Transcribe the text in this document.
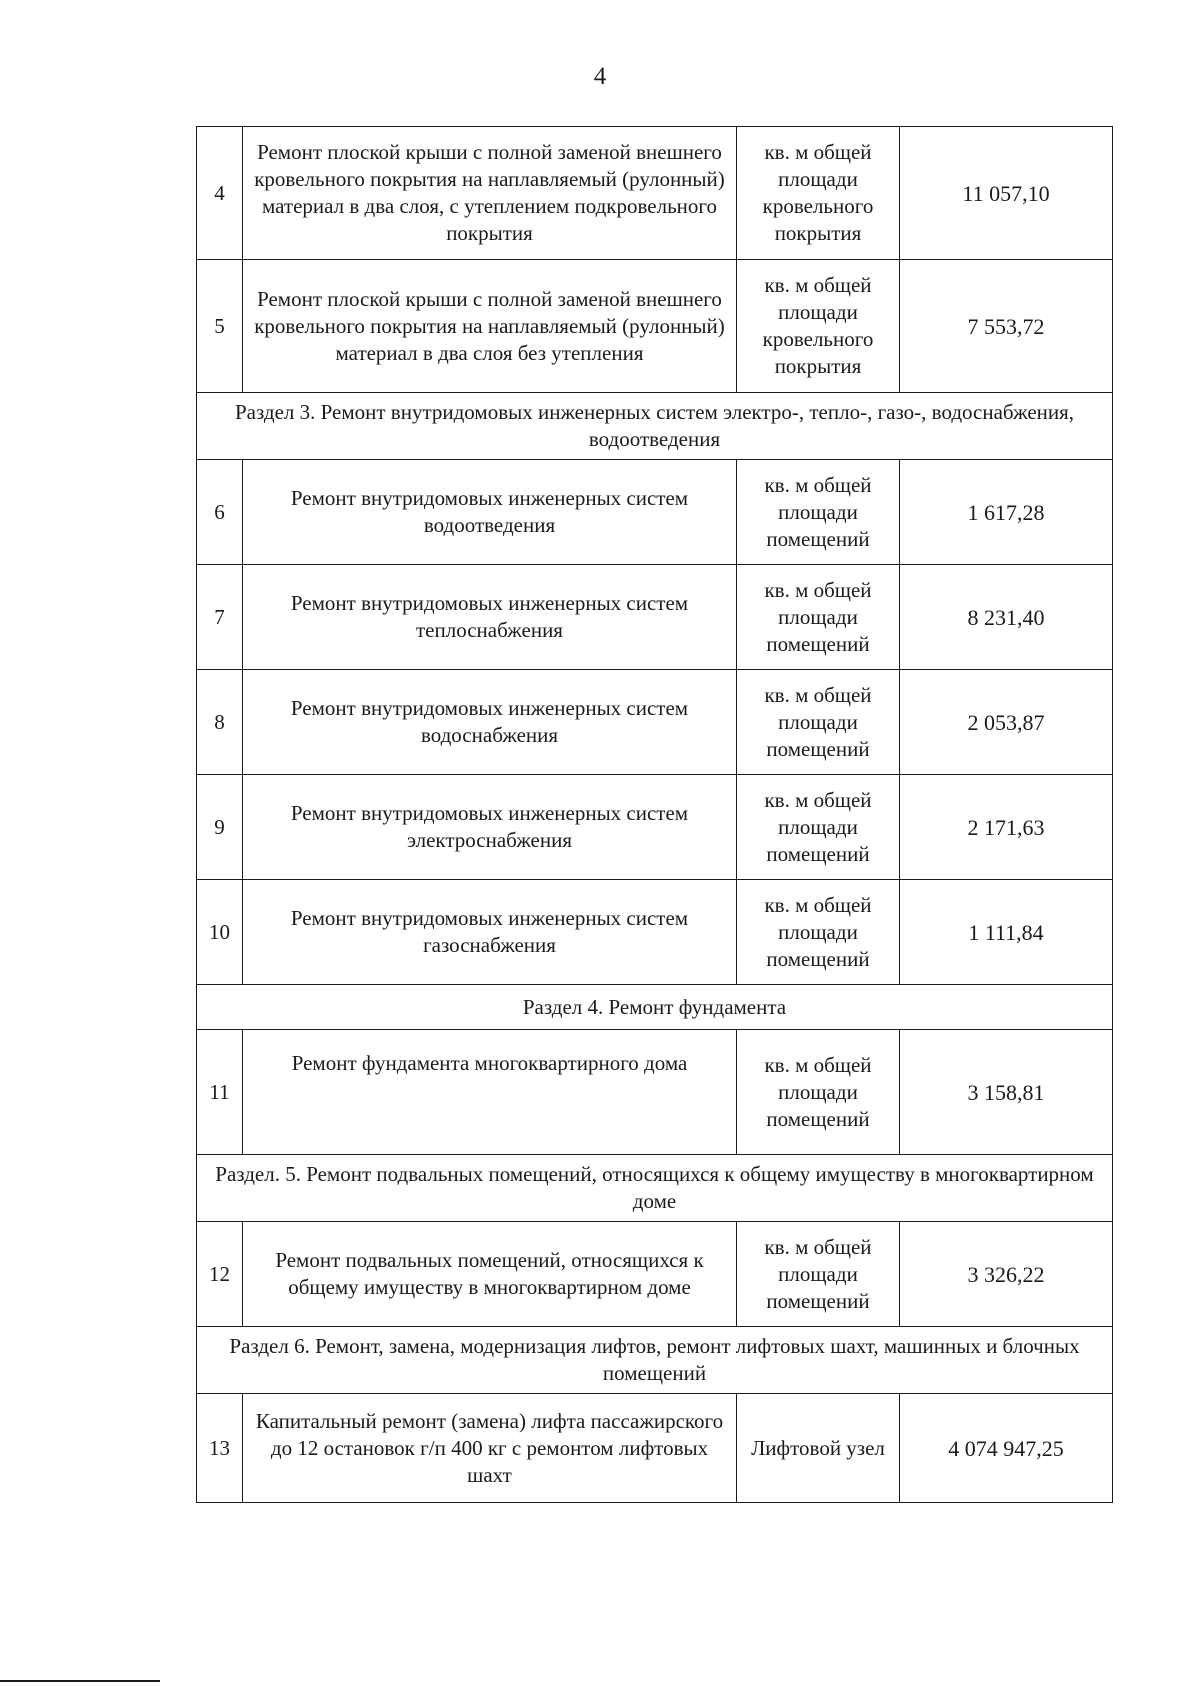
4
4	Ремонт плоской крыши с полной заменой внешнего кровельного покрытия на наплавляемый (рулонный) материал в два слоя, с утеплением подкровельного покрытия	кв. м общей площади кровельного покрытия	11 057,10
5	Ремонт плоской крыши с полной заменой внешнего кровельного покрытия на наплавляемый (рулонный) материал в два слоя без утепления	кв. м общей площади кровельного покрытия	7 553,72
Раздел 3. Ремонт внутридомовых инженерных систем электро-, тепло-, газо-, водоснабжения, водоотведения			
6	Ремонт внутридомовых инженерных систем водоотведения	кв. м общей площади помещений	1 617,28
7	Ремонт внутридомовых инженерных систем теплоснабжения	кв. м общей площади помещений	8 231,40
8	Ремонт внутридомовых инженерных систем водоснабжения	кв. м общей площади помещений	2 053,87
9	Ремонт внутридомовых инженерных систем электроснабжения	кв. м общей площади помещений	2 171,63
10	Ремонт внутридомовых инженерных систем газоснабжения	кв. м общей площади помещений	1 111,84
Раздел 4. Ремонт фундамента			
11	Ремонт фундамента многоквартирного дома	кв. м общей площади помещений	3 158,81
Раздел. 5. Ремонт подвальных помещений, относящихся к общему имуществу в многоквартирном доме			
12	Ремонт подвальных помещений, относящихся к общему имуществу в многоквартирном доме	кв. м общей площади помещений	3 326,22
Раздел 6. Ремонт, замена, модернизация лифтов, ремонт лифтовых шахт, машинных и блочных помещений			
13	Капитальный ремонт (замена) лифта пассажирского до 12 остановок г/п 400 кг с ремонтом лифтовых шахт	Лифтовой узел	4 074 947,25
